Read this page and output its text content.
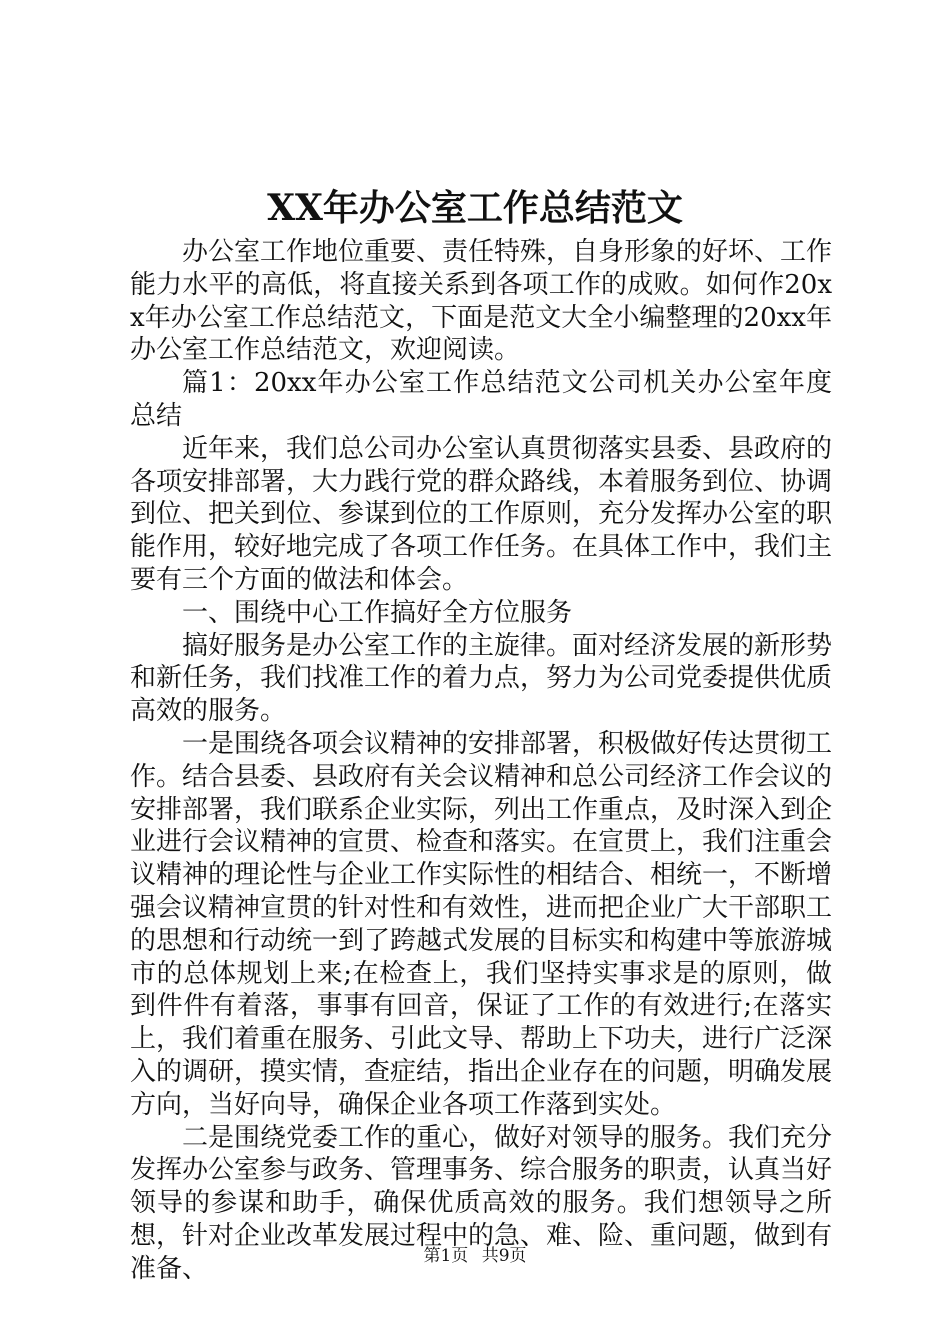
XX年办公室工作总结范文

办公室工作地位重要、责任特殊，自身形象的好坏、工作能力水平的高低，将直接关系到各项工作的成败。如何作20xx年办公室工作总结范文，下面是范文大全小编整理的20xx年办公室工作总结范文，欢迎阅读。

篇1：20xx年办公室工作总结范文公司机关办公室年度总结

近年来，我们总公司办公室认真贯彻落实县委、县政府的各项安排部署，大力践行党的群众路线，本着服务到位、协调到位、把关到位、参谋到位的工作原则，充分发挥办公室的职能作用，较好地完成了各项工作任务。在具体工作中，我们主要有三个方面的做法和体会。

一、围绕中心工作搞好全方位服务

搞好服务是办公室工作的主旋律。面对经济发展的新形势和新任务，我们找准工作的着力点，努力为公司党委提供优质高效的服务。

一是围绕各项会议精神的安排部署，积极做好传达贯彻工作。结合县委、县政府有关会议精神和总公司经济工作会议的安排部署，我们联系企业实际，列出工作重点，及时深入到企业进行会议精神的宣贯、检查和落实。在宣贯上，我们注重会议精神的理论性与企业工作实际性的相结合、相统一，不断增强会议精神宣贯的针对性和有效性，进而把企业广大干部职工的思想和行动统一到了跨越式发展的目标实和构建中等旅游城市的总体规划上来;在检查上，我们坚持实事求是的原则，做到件件有着落，事事有回音，保证了工作的有效进行;在落实上，我们着重在服务、引此文导、帮助上下功夫，进行广泛深入的调研，摸实情，查症结，指出企业存在的问题，明确发展方向，当好向导，确保企业各项工作落到实处。

二是围绕党委工作的重心，做好对领导的服务。我们充分发挥办公室参与政务、管理事务、综合服务的职责，认真当好领导的参谋和助手，确保优质高效的服务。我们想领导之所想，针对企业改革发展过程中的急、难、险、重问题，做到有准备、	第1页 共9页
